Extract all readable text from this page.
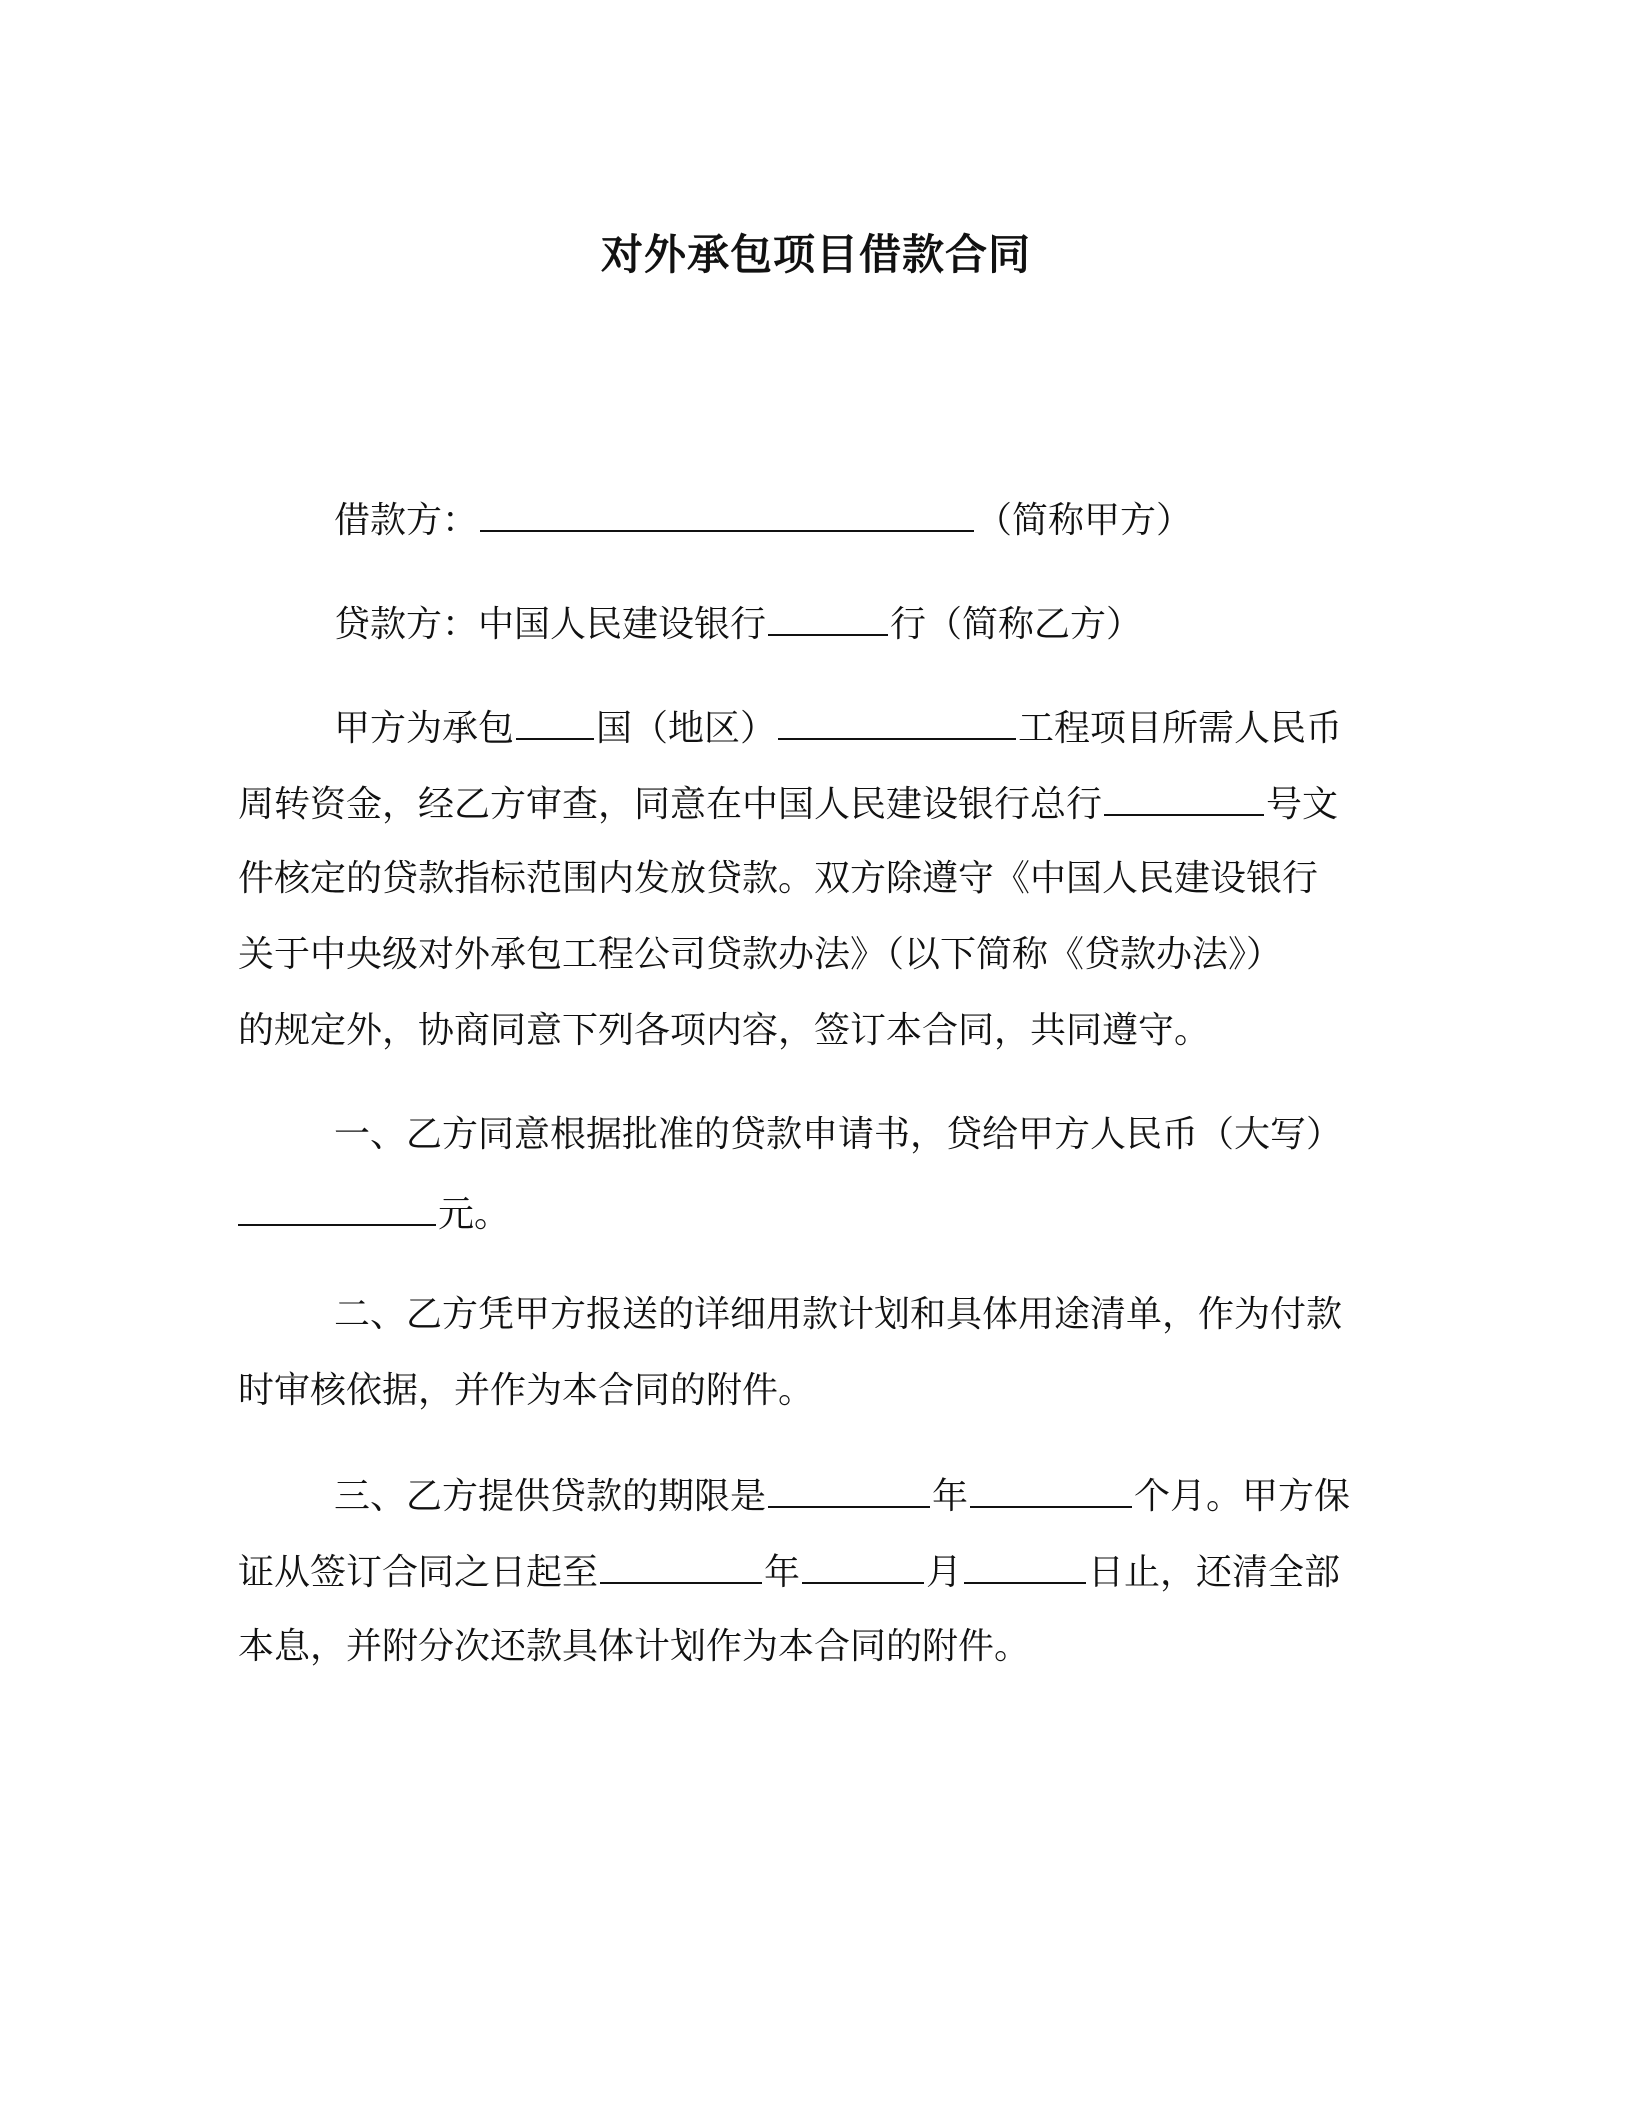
对外承包项目借款合同
借款方：	（简称甲方）
贷款方：中国人民建设银行	行（简称乙方）
甲方为承包 国（地区）	工程项目所需人民币
周转资金，经乙方审查，同意在中国人民建设银行总行	号文
件核定的贷款指标范围内发放贷款。双方除遵守《中国人民建设银行
关于中央级对外承包工程公司贷款办法》（以下简称《贷款办法》）
的规定外，协商同意下列各项内容，签订本合同，共同遵守。
一、乙方同意根据批准的贷款申请书，贷给甲方人民币（大写）
元。
二、乙方凭甲方报送的详细用款计划和具体用途清单，作为付款
时审核依据，并作为本合同的附件。
三、乙方提供贷款的期限是	年	个月。甲方保
证从签订合同之日起至	年	月	日止，还清全部
本息，并附分次还款具体计划作为本合同的附件。
